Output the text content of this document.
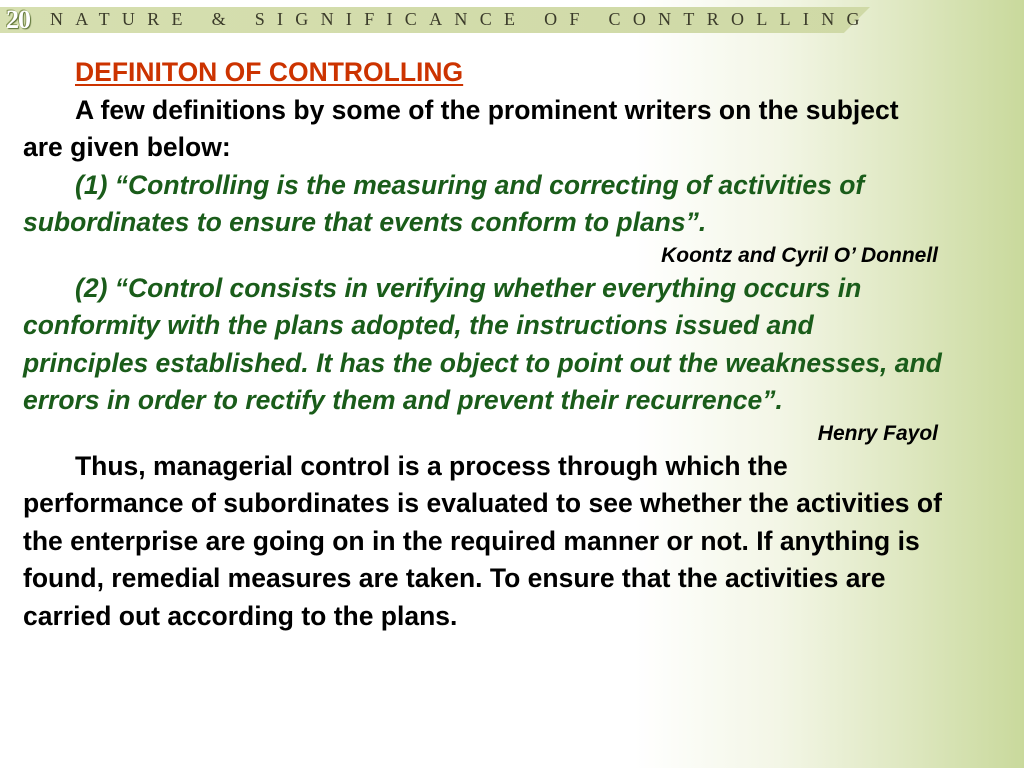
20	NATURE & SIGNIFICANCE OF CONTROLLING

DEFINITON OF CONTROLLING

A few definitions by some of the prominent writers on the subject are given below:

(1) “Controlling is the measuring and correcting of activities of subordinates to ensure that events conform to plans”.

Koontz and Cyril O’ Donnell

(2) “Control consists in verifying whether everything occurs in conformity with the plans adopted, the instructions issued and principles established. It has the object to point out the weaknesses, and errors in order to rectify them and prevent their recurrence”.

Henry Fayol

Thus, managerial control is a process through which the performance of subordinates is evaluated to see whether the activities of the enterprise are going on in the required manner or not. If anything is found, remedial measures are taken. To ensure that the activities are carried out according to the plans.
